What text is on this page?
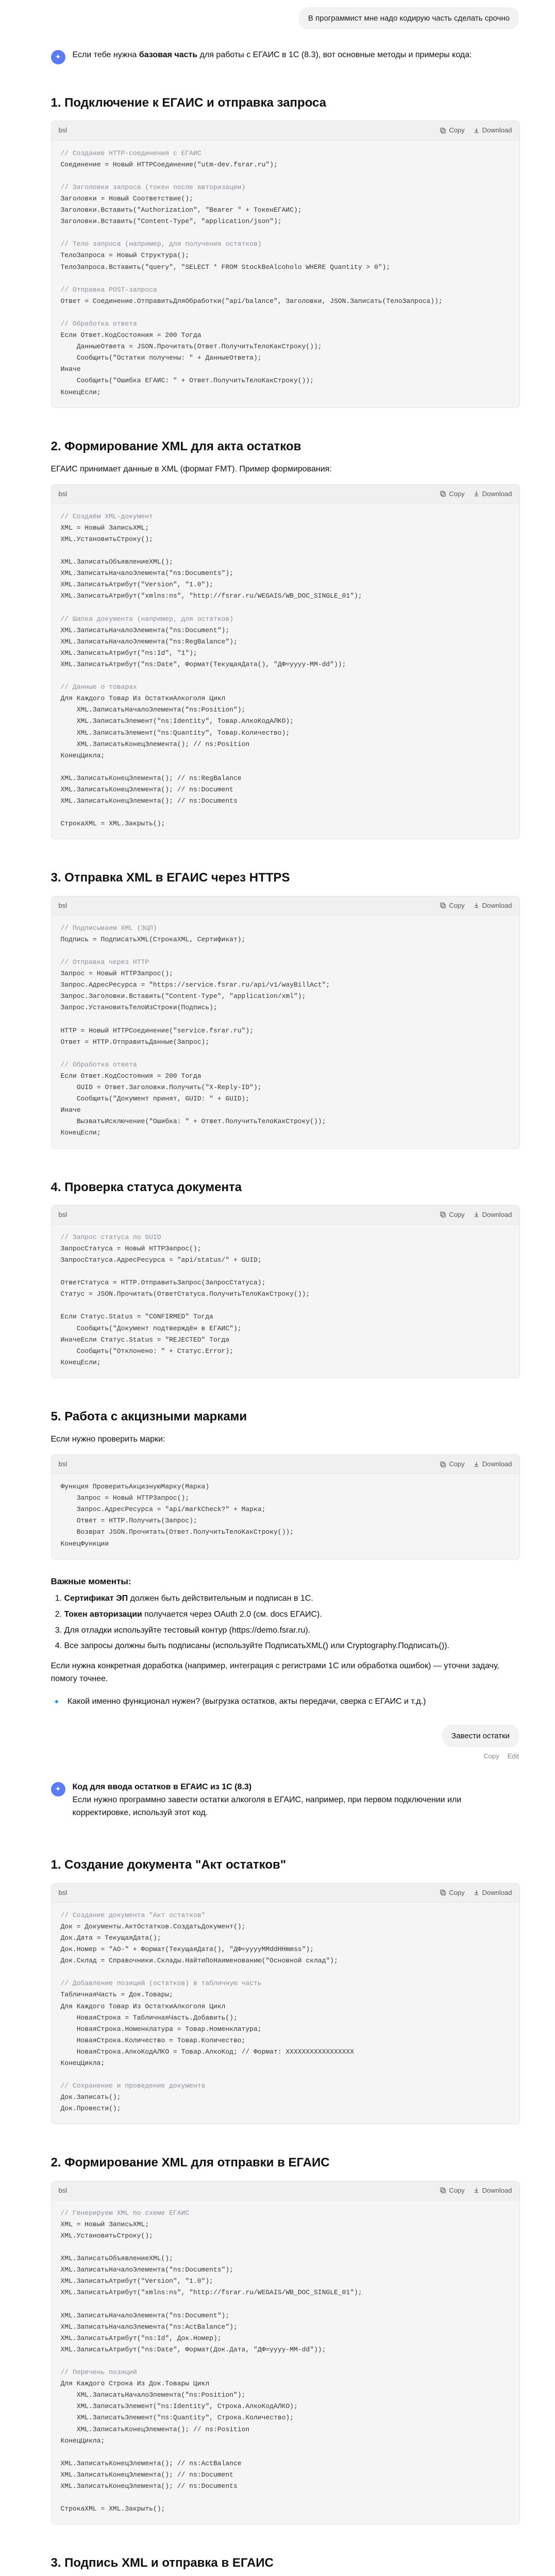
В программист мне надо кодирую часть сделать срочно
✦	Если тебе нужна базовая часть для работы с ЕГАИС в 1С (8.3), вот основные методы и примеры кода:

1. Подключение к ЕГАИС и отправка запроса
bsl	Copy	Download
// Создание HTTP-соединения с ЕГАИС
Соединение = Новый HTTPСоединение("utm-dev.fsrar.ru");

// Заголовки запроса (токен после авторизации)
Заголовки = Новый Соответствие();
Заголовки.Вставить("Authorization", "Bearer " + ТокенЕГАИС);
Заголовки.Вставить("Content-Type", "application/json");

// Тело запроса (например, для получения остатков)
ТелоЗапроса = Новый Структура();
ТелоЗапроса.Вставить("query", "SELECT * FROM StockBeAlcoholo WHERE Quantity > 0");

// Отправка POST-запроса
Ответ = Соединение.ОтправитьДляОбработки("api/balance", Заголовки, JSON.Записать(ТелоЗапроса));

// Обработка ответа
Если Ответ.КодСостояния = 200 Тогда
ДанныеОтвета = JSON.Прочитать(Ответ.ПолучитьТелоКакСтроку());
Сообщить("Остатки получены: " + ДанныеОтвета);
Иначе
Сообщить("Ошибка ЕГАИС: " + Ответ.ПолучитьТелоКакСтроку());
КонецЕсли;

2. Формирование XML для акта остатков

ЕГАИС принимает данные в XML (формат FMT). Пример формирования:

bsl	Copy	Download
// Создаём XML-документ
XML = Новый ЗаписьXML;
XML.УстановитьСтроку();

XML.ЗаписатьОбъявлениеXML();
XML.ЗаписатьНачалоЭлемента("ns:Documents");
XML.ЗаписатьАтрибут("Version", "1.0");
XML.ЗаписатьАтрибут("xmlns:ns", "http://fsrar.ru/WEGAIS/WB_DOC_SINGLE_01");

// Шапка документа (например, для остатков)
XML.ЗаписатьНачалоЭлемента("ns:Document");
XML.ЗаписатьНачалоЭлемента("ns:RegBalance");
XML.ЗаписатьАтрибут("ns:Id", "1");
XML.ЗаписатьАтрибут("ns:Date", Формат(ТекущаяДата(), "ДФ=yyyy-MM-dd"));

// Данные о товарах
Для Каждого Товар Из ОстаткиАлкоголя Цикл
XML.ЗаписатьНачалоЭлемента("ns:Position");
XML.ЗаписатьЭлемент("ns:Identity", Товар.АлкоКодАЛКО);
XML.ЗаписатьЭлемент("ns:Quantity", Товар.Количество);
XML.ЗаписатьКонецЭлемента(); // ns:Position
КонецЦикла;

XML.ЗаписатьКонецЭлемента(); // ns:RegBalance
XML.ЗаписатьКонецЭлемента(); // ns:Document
XML.ЗаписатьКонецЭлемента(); // ns:Documents

СтрокаXML = XML.Закрыть();

3. Отправка XML в ЕГАИС через HTTPS
bsl	Copy	Download
// Подписываем XML (ЭЦП)
Подпись = ПодписатьXML(СтрокаXML, Сертификат);

// Отправка через HTTP
Запрос = Новый HTTPЗапрос();
Запрос.АдресРесурса = "https://service.fsrar.ru/api/v1/wayBillAct";
Запрос.Заголовки.Вставить("Content-Type", "application/xml");
Запрос.УстановитьТелоИзСтроки(Подпись);

HTTP = Новый HTTPСоединение("service.fsrar.ru");
Ответ = HTTP.ОтправитьДанные(Запрос);

// Обработка ответа
Если Ответ.КодСостояния = 200 Тогда
GUID = Ответ.Заголовки.Получить("X-Reply-ID");
Сообщить("Документ принят, GUID: " + GUID);
Иначе
ВызватьИсключение("Ошибка: " + Ответ.ПолучитьТелоКакСтроку());
КонецЕсли;

4. Проверка статуса документа
bsl	Copy	Download
// Запрос статуса по GUID
ЗапросСтатуса = Новый HTTPЗапрос();
ЗапросСтатуса.АдресРесурса = "api/status/" + GUID;

ОтветСтатуса = HTTP.ОтправитьЗапрос(ЗапросСтатуса);
Статус = JSON.Прочитать(ОтветСтатуса.ПолучитьТелоКакСтроку());

Если Статус.Status = "CONFIRMED" Тогда
Сообщить("Документ подтверждён в ЕГАИС");
ИначеЕсли Статус.Status = "REJECTED" Тогда
Сообщить("Отклонено: " + Статус.Error);
КонецЕсли;

5. Работа с акцизными марками

Если нужно проверить марки:

bsl	Copy	Download
Функция ПроверитьАкцизнуюМарку(Марка)
Запрос = Новый HTTPЗапрос();
Запрос.АдресРесурса = "api/markCheck?" + Марка;
Ответ = HTTP.Получить(Запрос);
Возврат JSON.Прочитать(Ответ.ПолучитьТелоКакСтроку());
КонецФункции

Важные моменты:
1. Сертификат ЭП должен быть действительным и подписан в 1С.
2. Токен авторизации получается через OAuth 2.0 (см. docs ЕГАИС).
3. Для отладки используйте тестовый контур (https://demo.fsrar.ru).
4. Все запросы должны быть подписаны (используйте ПодписатьXML() или Cryptography.Подписать()).

Если нужна конкретная доработка (например, интеграция с регистрами 1С или обработка ошибок) — уточни задачу, помогу точнее.

🔹 Какой именно функционал нужен? (выгрузка остатков, акты передачи, сверка с ЕГАИС и т.д.)
Завести остатки
Copy Edit
✦	Код для ввода остатков в ЕГАИС из 1С (8.3)

Если нужно программно завести остатки алкоголя в ЕГАИС, например, при первом подключении или корректировке, используй этот код.

1. Создание документа "Акт остатков"
bsl	Copy	Download
// Создание документа "Акт остатков"
Док = Документы.АктОстатков.СоздатьДокумент();
Док.Дата = ТекущаяДата();
Док.Номер = "АО-" + Формат(ТекущаяДата(), "ДФ=yyyyMMddHHmmss");
Док.Склад = Справочники.Склады.НайтиПоНаименованию("Основной склад");

// Добавление позиций (остатков) в табличную часть
ТабличнаяЧасть = Док.Товары;
Для Каждого Товар Из ОстаткиАлкоголя Цикл
НоваяСтрока = ТабличнаяЧасть.Добавить();
НоваяСтрока.Номенклатура = Товар.Номенклатура;
НоваяСтрока.Количество = Товар.Количество;
НоваяСтрока.АлкоКодАЛКО = Товар.АлкоКод; // Формат: XXXXXXXXXXXXXXXXX
КонецЦикла;

// Сохранение и проведение документа
Док.Записать();
Док.Провести();

2. Формирование XML для отправки в ЕГАИС
bsl	Copy	Download
// Генерируем XML по схеме ЕГАИС
XML = Новый ЗаписьXML;
XML.УстановитьСтроку();

XML.ЗаписатьОбъявлениеXML();
XML.ЗаписатьНачалоЭлемента("ns:Documents");
XML.ЗаписатьАтрибут("Version", "1.0");
XML.ЗаписатьАтрибут("xmlns:ns", "http://fsrar.ru/WEGAIS/WB_DOC_SINGLE_01");

XML.ЗаписатьНачалоЭлемента("ns:Document");
XML.ЗаписатьНачалоЭлемента("ns:ActBalance");
XML.ЗаписатьАтрибут("ns:Id", Док.Номер);
XML.ЗаписатьАтрибут("ns:Date", Формат(Док.Дата, "ДФ=yyyy-MM-dd"));

// Перечень позиций
Для Каждого Строка Из Док.Товары Цикл
XML.ЗаписатьНачалоЭлемента("ns:Position");
XML.ЗаписатьЭлемент("ns:Identity", Строка.АлкоКодАЛКО);
XML.ЗаписатьЭлемент("ns:Quantity", Строка.Количество);
XML.ЗаписатьКонецЭлемента(); // ns:Position
КонецЦикла;

XML.ЗаписатьКонецЭлемента(); // ns:ActBalance
XML.ЗаписатьКонецЭлемента(); // ns:Document
XML.ЗаписатьКонецЭлемента(); // ns:Documents

СтрокаXML = XML.Закрыть();

3. Подпись XML и отправка в ЕГАИС
